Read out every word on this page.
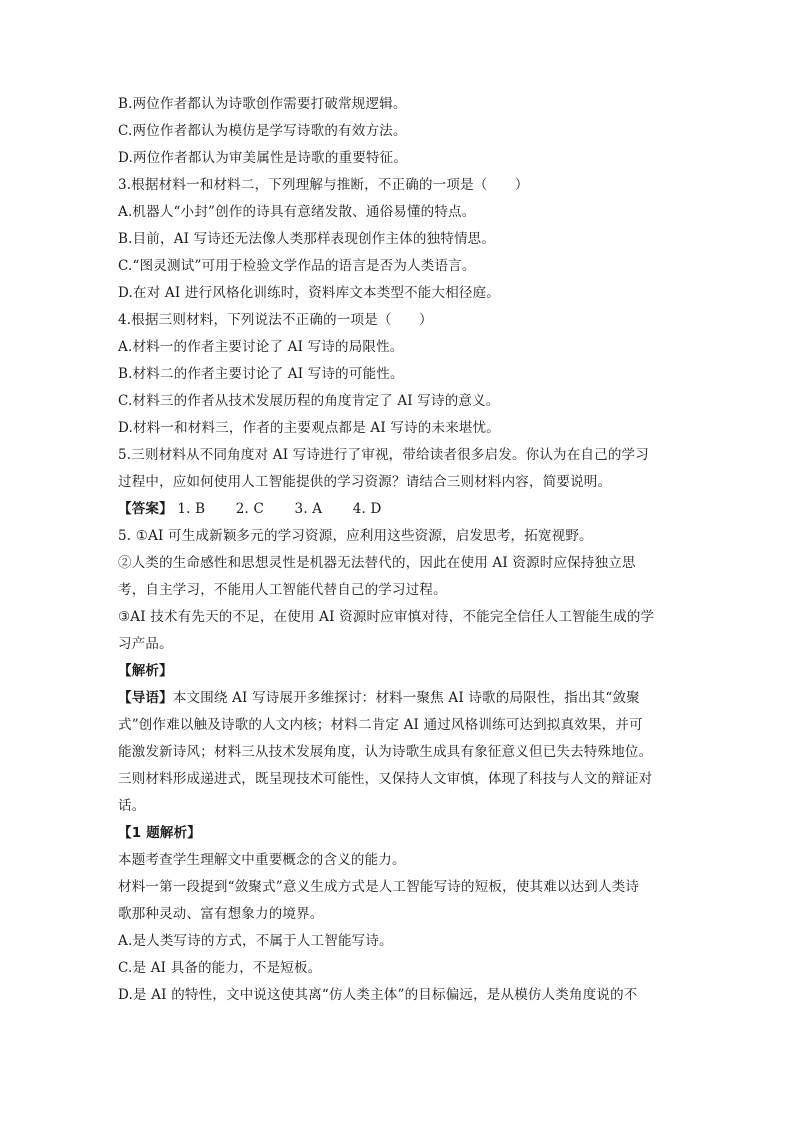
B.两位作者都认为诗歌创作需要打破常规逻辑。
C.两位作者都认为模仿是学写诗歌的有效方法。
D.两位作者都认为审美属性是诗歌的重要特征。
3.根据材料一和材料二，下列理解与推断，不正确的一项是（　　）
A.机器人“小封”创作的诗具有意绪发散、通俗易懂的特点。
B.目前，AI 写诗还无法像人类那样表现创作主体的独特情思。
C.“图灵测试”可用于检验文学作品的语言是否为人类语言。
D.在对 AI 进行风格化训练时，资料库文本类型不能大相径庭。
4.根据三则材料，下列说法不正确的一项是（　　）
A.材料一的作者主要讨论了 AI 写诗的局限性。
B.材料二的作者主要讨论了 AI 写诗的可能性。
C.材料三的作者从技术发展历程的角度肯定了 AI 写诗的意义。
D.材料一和材料三，作者的主要观点都是 AI 写诗的未来堪忧。
5.三则材料从不同角度对 AI 写诗进行了审视，带给读者很多启发。你认为在自己的学习
过程中，应如何使用人工智能提供的学习资源？请结合三则材料内容，简要说明。
【答案】 1. B 2. C 3. A 4. D
5. ①AI 可生成新颖多元的学习资源，应利用这些资源，启发思考，拓宽视野。
②人类的生命感性和思想灵性是机器无法替代的，因此在使用 AI 资源时应保持独立思
考，自主学习，不能用人工智能代替自己的学习过程。
③AI 技术有先天的不足，在使用 AI 资源时应审慎对待，不能完全信任人工智能生成的学
习产品。
【解析】
【导语】本文围绕 AI 写诗展开多维探讨：材料一聚焦 AI 诗歌的局限性，指出其“敛聚
式”创作难以触及诗歌的人文内核；材料二肯定 AI 通过风格训练可达到拟真效果，并可
能激发新诗风；材料三从技术发展角度，认为诗歌生成具有象征意义但已失去特殊地位。
三则材料形成递进式，既呈现技术可能性，又保持人文审慎，体现了科技与人文的辩证对
话。
【1 题解析】
本题考查学生理解文中重要概念的含义的能力。
材料一第一段提到“敛聚式”意义生成方式是人工智能写诗的短板，使其难以达到人类诗
歌那种灵动、富有想象力的境界。
A.是人类写诗的方式，不属于人工智能写诗。
C.是 AI 具备的能力，不是短板。
D.是 AI 的特性，文中说这使其离“仿人类主体”的目标偏远，是从模仿人类角度说的不
